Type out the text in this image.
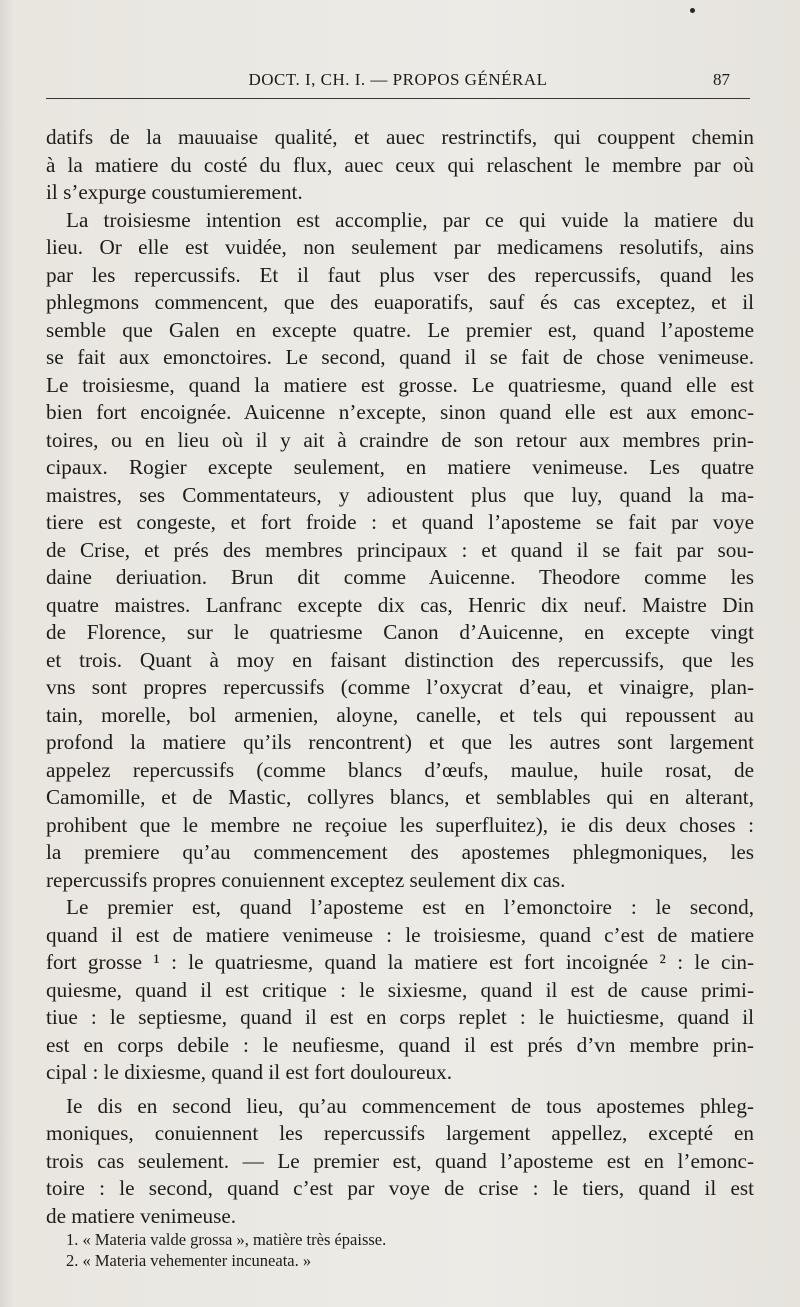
DOCT. I, CH. I. — PROPOS GÉNÉRAL	87
datifs de la mauuaise qualité, et auec restrinctifs, qui couppent chemin
à la matiere du costé du flux, auec ceux qui relaschent le membre par où
il s’expurge coustumierement.
La troisiesme intention est accomplie, par ce qui vuide la matiere du
lieu. Or elle est vuidée, non seulement par medicamens resolutifs, ains
par les repercussifs. Et il faut plus vser des repercussifs, quand les
phlegmons commencent, que des euaporatifs, sauf és cas exceptez, et il
semble que Galen en excepte quatre. Le premier est, quand l’aposteme
se fait aux emonctoires. Le second, quand il se fait de chose venimeuse.
Le troisiesme, quand la matiere est grosse. Le quatriesme, quand elle est
bien fort encoignée. Auicenne n’excepte, sinon quand elle est aux emonc-
toires, ou en lieu où il y ait à craindre de son retour aux membres prin-
cipaux. Rogier excepte seulement, en matiere venimeuse. Les quatre
maistres, ses Commentateurs, y adioustent plus que luy, quand la ma-
tiere est congeste, et fort froide : et quand l’aposteme se fait par voye
de Crise, et prés des membres principaux : et quand il se fait par sou-
daine deriuation. Brun dit comme Auicenne. Theodore comme les
quatre maistres. Lanfranc excepte dix cas, Henric dix neuf. Maistre Din
de Florence, sur le quatriesme Canon d’Auicenne, en excepte vingt
et trois. Quant à moy en faisant distinction des repercussifs, que les
vns sont propres repercussifs (comme l’oxycrat d’eau, et vinaigre, plan-
tain, morelle, bol armenien, aloyne, canelle, et tels qui repoussent au
profond la matiere qu’ils rencontrent) et que les autres sont largement
appelez repercussifs (comme blancs d’œufs, maulue, huile rosat, de
Camomille, et de Mastic, collyres blancs, et semblables qui en alterant,
prohibent que le membre ne reçoiue les superfluitez), ie dis deux choses :
la premiere qu’au commencement des apostemes phlegmoniques, les
repercussifs propres conuiennent exceptez seulement dix cas.
Le premier est, quand l’aposteme est en l’emonctoire : le second,
quand il est de matiere venimeuse : le troisiesme, quand c’est de matiere
fort grosse ¹ : le quatriesme, quand la matiere est fort incoignée ² : le cin-
quiesme, quand il est critique : le sixiesme, quand il est de cause primi-
tiue : le septiesme, quand il est en corps replet : le huictiesme, quand il
est en corps debile : le neufiesme, quand il est prés d’vn membre prin-
cipal : le dixiesme, quand il est fort douloureux.
Ie dis en second lieu, qu’au commencement de tous apostemes phleg-
moniques, conuiennent les repercussifs largement appellez, excepté en
trois cas seulement. — Le premier est, quand l’aposteme est en l’emonc-
toire : le second, quand c’est par voye de crise : le tiers, quand il est
de matiere venimeuse.
1. « Materia valde grossa », matière très épaisse.
2. « Materia vehementer incuneata. »
